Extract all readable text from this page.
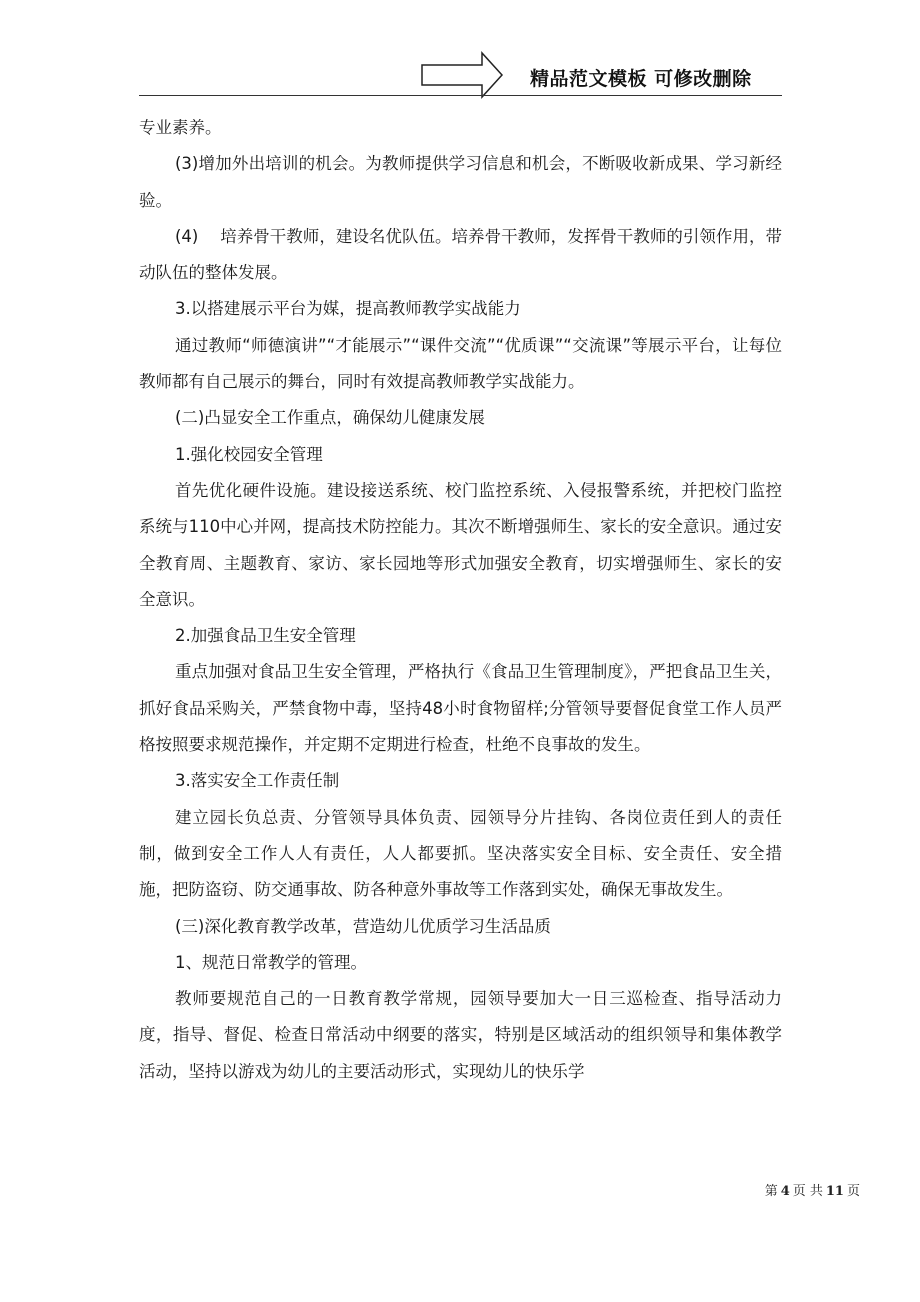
精品范文模板 可修改删除

专业素养。

(3)增加外出培训的机会。为教师提供学习信息和机会，不断吸收新成果、学习新经验。

(4)　 培养骨干教师，建设名优队伍。培养骨干教师，发挥骨干教师的引领作用，带动队伍的整体发展。

3.以搭建展示平台为媒，提高教师教学实战能力

通过教师“师德演讲”“才能展示”“课件交流”“优质课”“交流课”等展示平台，让每位教师都有自己展示的舞台，同时有效提高教师教学实战能力。

(二)凸显安全工作重点，确保幼儿健康发展

1.强化校园安全管理

首先优化硬件设施。建设接送系统、校门监控系统、入侵报警系统，并把校门监控系统与110中心并网，提高技术防控能力。其次不断增强师生、家长的安全意识。通过安全教育周、主题教育、家访、家长园地等形式加强安全教育，切实增强师生、家长的安全意识。

2.加强食品卫生安全管理

重点加强对食品卫生安全管理，严格执行《食品卫生管理制度》，严把食品卫生关，抓好食品采购关，严禁食物中毒，坚持48小时食物留样;分管领导要督促食堂工作人员严格按照要求规范操作，并定期不定期进行检查，杜绝不良事故的发生。

3.落实安全工作责任制

建立园长负总责、分管领导具体负责、园领导分片挂钩、各岗位责任到人的责任制，做到安全工作人人有责任，人人都要抓。坚决落实安全目标、安全责任、安全措施，把防盗窃、防交通事故、防各种意外事故等工作落到实处，确保无事故发生。

(三)深化教育教学改革，营造幼儿优质学习生活品质

1、规范日常教学的管理。

教师要规范自己的一日教育教学常规，园领导要加大一日三巡检查、指导活动力度，指导、督促、检查日常活动中纲要的落实，特别是区域活动的组织领导和集体教学活动，坚持以游戏为幼儿的主要活动形式，实现幼儿的快乐学

第 4 页 共 11 页
